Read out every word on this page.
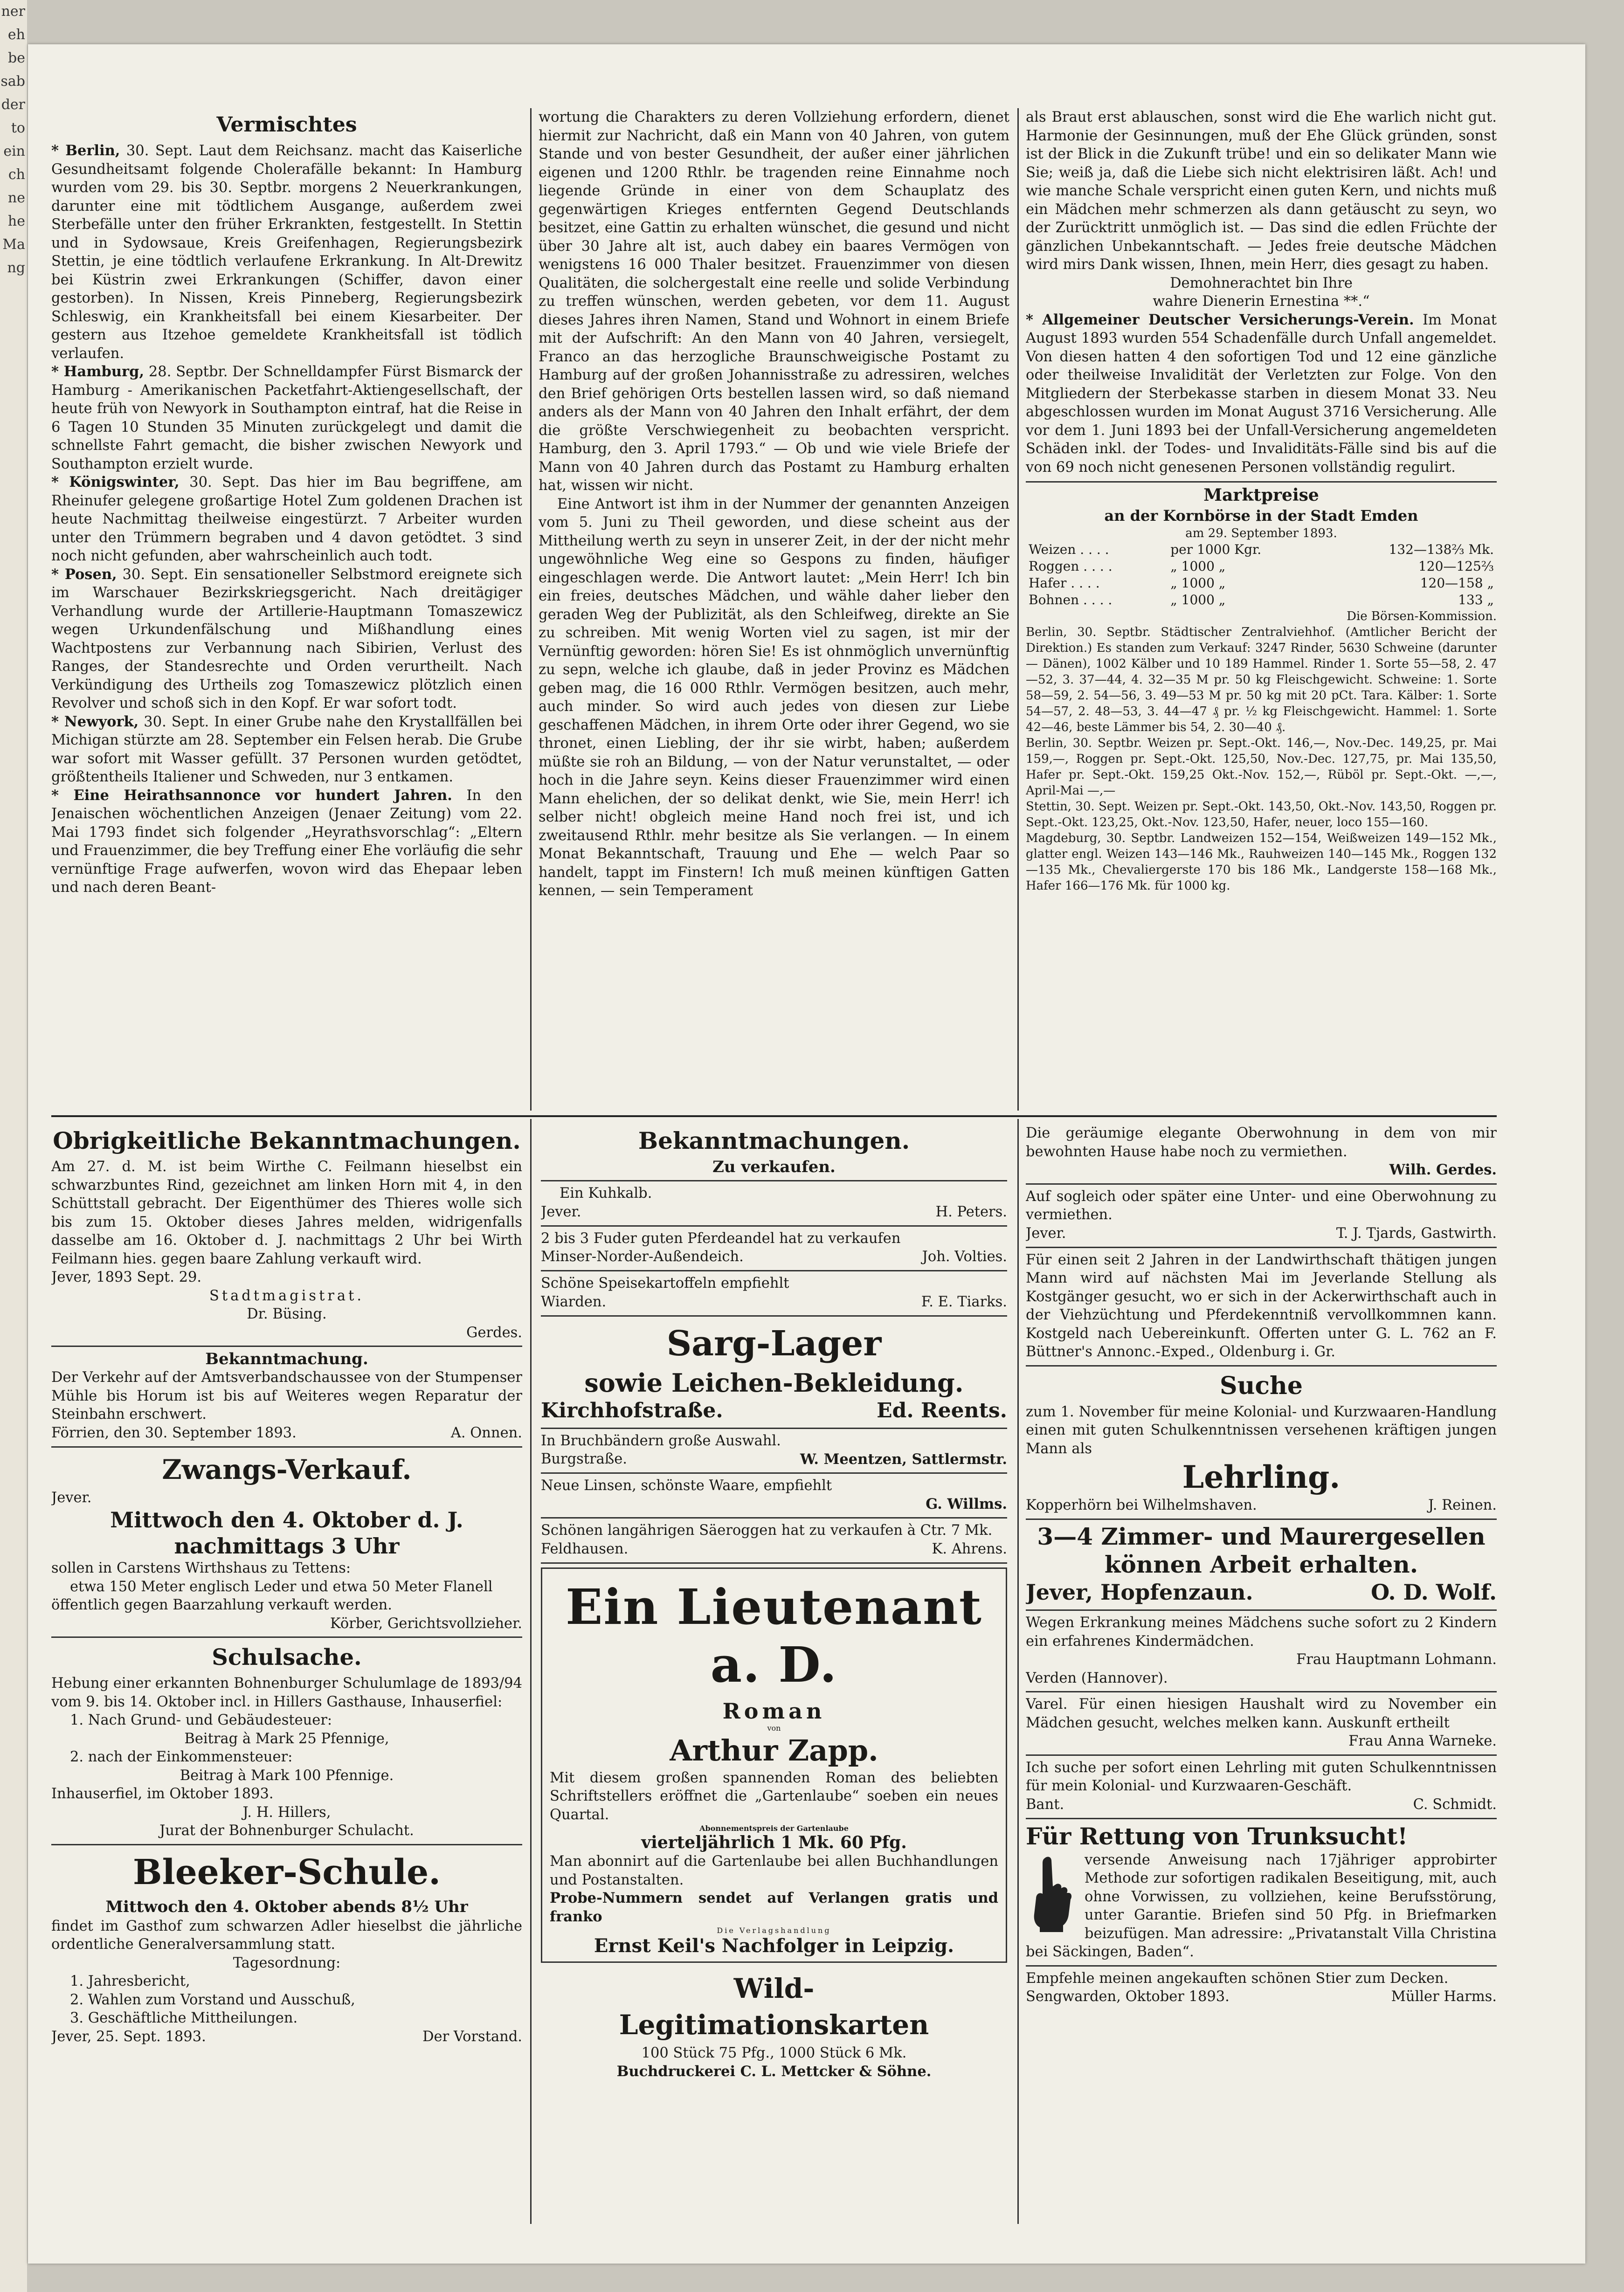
ner
eh
be
sab
der
to
ein
ch
ne
he
Ma
ng
Vermischtes

* Berlin, 30. Sept. Laut dem Reichsanz. macht das Kaiserliche Gesundheitsamt folgende Cholerafälle bekannt: In Hamburg wurden vom 29. bis 30. Septbr. morgens 2 Neuerkrankungen, darunter eine mit tödtlichem Ausgange, außerdem zwei Sterbefälle unter den früher Erkrankten, festgestellt. In Stettin und in Sydowsaue, Kreis Greifenhagen, Regierungsbezirk Stettin, je eine tödtlich verlaufene Erkrankung. In Alt-Drewitz bei Küstrin zwei Erkrankungen (Schiffer, davon einer gestorben). In Nissen, Kreis Pinneberg, Regierungsbezirk Schleswig, ein Krankheitsfall bei einem Kiesarbeiter. Der gestern aus Itzehoe gemeldete Krankheitsfall ist tödlich verlaufen.

* Hamburg, 28. Septbr. Der Schnelldampfer Fürst Bismarck der Hamburg - Amerikanischen Packetfahrt-Aktiengesellschaft, der heute früh von Newyork in Southampton eintraf, hat die Reise in 6 Tagen 10 Stunden 35 Minuten zurückgelegt und damit die schnellste Fahrt gemacht, die bisher zwischen Newyork und Southampton erzielt wurde.

* Königswinter, 30. Sept. Das hier im Bau begriffene, am Rheinufer gelegene großartige Hotel Zum goldenen Drachen ist heute Nachmittag theilweise eingestürzt. 7 Arbeiter wurden unter den Trümmern begraben und 4 davon getödtet. 3 sind noch nicht gefunden, aber wahrscheinlich auch todt.

* Posen, 30. Sept. Ein sensationeller Selbstmord ereignete sich im Warschauer Bezirkskriegsgericht. Nach dreitägiger Verhandlung wurde der Artillerie-Hauptmann Tomaszewicz wegen Urkundenfälschung und Mißhandlung eines Wachtpostens zur Verbannung nach Sibirien, Verlust des Ranges, der Standesrechte und Orden verurtheilt. Nach Verkündigung des Urtheils zog Tomaszewicz plötzlich einen Revolver und schoß sich in den Kopf. Er war sofort todt.

* Newyork, 30. Sept. In einer Grube nahe den Krystallfällen bei Michigan stürzte am 28. September ein Felsen herab. Die Grube war sofort mit Wasser gefüllt. 37 Personen wurden getödtet, größtentheils Italiener und Schweden, nur 3 entkamen.

* Eine Heirathsannonce vor hundert Jahren. In den Jenaischen wöchentlichen Anzeigen (Jenaer Zeitung) vom 22. Mai 1793 findet sich folgender „Heyrathsvorschlag“: „Eltern und Frauenzimmer, die bey Treffung einer Ehe vorläufig die sehr vernünftige Frage aufwerfen, wovon wird das Ehepaar leben und nach deren Beant-

wortung die Charakters zu deren Vollziehung erfordern, dienet hiermit zur Nachricht, daß ein Mann von 40 Jahren, von gutem Stande und von bester Gesundheit, der außer einer jährlichen eigenen und 1200 Rthlr. be tragenden reine Einnahme noch liegende Gründe in einer von dem Schauplatz des gegenwärtigen Krieges entfernten Gegend Deutschlands besitzet, eine Gattin zu erhalten wünschet, die gesund und nicht über 30 Jahre alt ist, auch dabey ein baares Vermögen von wenigstens 16 000 Thaler besitzet. Frauenzimmer von diesen Qualitäten, die solchergestalt eine reelle und solide Verbindung zu treffen wünschen, werden gebeten, vor dem 11. August dieses Jahres ihren Namen, Stand und Wohnort in einem Briefe mit der Aufschrift: An den Mann von 40 Jahren, versiegelt, Franco an das herzogliche Braunschweigische Postamt zu Hamburg auf der großen Johannisstraße zu adressiren, welches den Brief gehörigen Orts bestellen lassen wird, so daß niemand anders als der Mann von 40 Jahren den Inhalt erfährt, der dem die größte Verschwiegenheit zu beobachten verspricht. Hamburg, den 3. April 1793.“ — Ob und wie viele Briefe der Mann von 40 Jahren durch das Postamt zu Hamburg erhalten hat, wissen wir nicht.

Eine Antwort ist ihm in der Nummer der genannten Anzeigen vom 5. Juni zu Theil geworden, und diese scheint aus der Mittheilung werth zu seyn in unserer Zeit, in der der nicht mehr ungewöhnliche Weg eine so Gespons zu finden, häufiger eingeschlagen werde. Die Antwort lautet: „Mein Herr! Ich bin ein freies, deutsches Mädchen, und wähle daher lieber den geraden Weg der Publizität, als den Schleifweg, direkte an Sie zu schreiben. Mit wenig Worten viel zu sagen, ist mir der Vernünftig geworden: hören Sie! Es ist ohnmöglich unvernünftig zu sepn, welche ich glaube, daß in jeder Provinz es Mädchen geben mag, die 16 000 Rthlr. Vermögen besitzen, auch mehr, auch minder. So wird auch jedes von diesen zur Liebe geschaffenen Mädchen, in ihrem Orte oder ihrer Gegend, wo sie thronet, einen Liebling, der ihr sie wirbt, haben; außerdem müßte sie roh an Bildung, — von der Natur verunstaltet, — oder hoch in die Jahre seyn. Keins dieser Frauenzimmer wird einen Mann ehelichen, der so delikat denkt, wie Sie, mein Herr! ich selber nicht! obgleich meine Hand noch frei ist, und ich zweitausend Rthlr. mehr besitze als Sie verlangen. — In einem Monat Bekanntschaft, Trauung und Ehe — welch Paar so handelt, tappt im Finstern! Ich muß meinen künftigen Gatten kennen, — sein Temperament

als Braut erst ablauschen, sonst wird die Ehe warlich nicht gut. Harmonie der Gesinnungen, muß der Ehe Glück gründen, sonst ist der Blick in die Zukunft trübe! und ein so delikater Mann wie Sie; weiß ja, daß die Liebe sich nicht elektrisiren läßt. Ach! und wie manche Schale verspricht einen guten Kern, und nichts muß ein Mädchen mehr schmerzen als dann getäuscht zu seyn, wo der Zurücktritt unmöglich ist. — Das sind die edlen Früchte der gänzlichen Unbekanntschaft. — Jedes freie deutsche Mädchen wird mirs Dank wissen, Ihnen, mein Herr, dies gesagt zu haben.

Demohnerachtet bin Ihre

wahre Dienerin Ernestina **.“

* Allgemeiner Deutscher Versicherungs-Verein. Im Monat August 1893 wurden 554 Schadenfälle durch Unfall angemeldet. Von diesen hatten 4 den sofortigen Tod und 12 eine gänzliche oder theilweise Invalidität der Verletzten zur Folge. Von den Mitgliedern der Sterbekasse starben in diesem Monat 33. Neu abgeschlossen wurden im Monat August 3716 Versicherung. Alle vor dem 1. Juni 1893 bei der Unfall-Versicherung angemeldeten Schäden inkl. der Todes- und Invaliditäts-Fälle sind bis auf die von 69 noch nicht genesenen Personen vollständig regulirt.

Marktpreise
an der Kornbörse in der Stadt Emden
am 29. September 1893.
Weizen . . . .	per 1000 Kgr.	132—138⅔ Mk.
Roggen . . . .	„ 1000 „	120—125⅔
Hafer . . . .	„ 1000 „	120—158 „
Bohnen . . . .	„ 1000 „	133 „
Die Börsen-Kommission.

Berlin, 30. Septbr. Städtischer Zentralviehhof. (Amtlicher Bericht der Direktion.) Es standen zum Verkauf: 3247 Rinder, 5630 Schweine (darunter — Dänen), 1002 Kälber und 10 189 Hammel. Rinder 1. Sorte 55—58, 2. 47—52, 3. 37—44, 4. 32—35 M pr. 50 kg Fleischgewicht. Schweine: 1. Sorte 58—59, 2. 54—56, 3. 49—53 M pr. 50 kg mit 20 pCt. Tara. Kälber: 1. Sorte 54—57, 2. 48—53, 3. 44—47 ₰ pr. ½ kg Fleischgewicht. Hammel: 1. Sorte 42—46, beste Lämmer bis 54, 2. 30—40 ₰.

Berlin, 30. Septbr. Weizen pr. Sept.-Okt. 146,—, Nov.-Dec. 149,25, pr. Mai 159,—, Roggen pr. Sept.-Okt. 125,50, Nov.-Dec. 127,75, pr. Mai 135,50, Hafer pr. Sept.-Okt. 159,25 Okt.-Nov. 152,—, Rüböl pr. Sept.-Okt. —,—, April-Mai —,—

Stettin, 30. Sept. Weizen pr. Sept.-Okt. 143,50, Okt.-Nov. 143,50, Roggen pr. Sept.-Okt. 123,25, Okt.-Nov. 123,50, Hafer, neuer, loco 155—160.

Magdeburg, 30. Septbr. Landweizen 152—154, Weißweizen 149—152 Mk., glatter engl. Weizen 143—146 Mk., Rauhweizen 140—145 Mk., Roggen 132—135 Mk., Chevaliergerste 170 bis 186 Mk., Landgerste 158—168 Mk., Hafer 166—176 Mk. für 1000 kg.

Obrigkeitliche Bekanntmachungen.

Am 27. d. M. ist beim Wirthe C. Feilmann hieselbst ein schwarzbuntes Rind, gezeichnet am linken Horn mit 4, in den Schüttstall gebracht. Der Eigenthümer des Thieres wolle sich bis zum 15. Oktober dieses Jahres melden, widrigenfalls dasselbe am 16. Oktober d. J. nachmittags 2 Uhr bei Wirth Feilmann hies. gegen baare Zahlung verkauft wird.

Jever, 1893 Sept. 29.

Stadtmagistrat.

Dr. Büsing.

Gerdes.

Bekanntmachung.

Der Verkehr auf der Amtsverbandschaussee von der Stumpenser Mühle bis Horum ist bis auf Weiteres wegen Reparatur der Steinbahn erschwert.

Förrien, den 30. September 1893.	A. Onnen.
Zwangs-Verkauf.

Jever.

Mittwoch den 4. Oktober d. J.
nachmittags 3 Uhr

sollen in Carstens Wirthshaus zu Tettens:

etwa 150 Meter englisch Leder und etwa 50 Meter Flanell

öffentlich gegen Baarzahlung verkauft werden.

Körber, Gerichtsvollzieher.

Schulsache.

Hebung einer erkannten Bohnenburger Schulumlage de 1893/94 vom 9. bis 14. Oktober incl. in Hillers Gasthause, Inhauserfiel:

1. Nach Grund- und Gebäudesteuer:

Beitrag à Mark 25 Pfennige,

2. nach der Einkommensteuer:

Beitrag à Mark 100 Pfennige.

Inhauserfiel, im Oktober 1893.

J. H. Hillers,

Jurat der Bohnenburger Schulacht.

Bleeker-Schule.
Mittwoch den 4. Oktober abends 8½ Uhr

findet im Gasthof zum schwarzen Adler hieselbst die jährliche ordentliche Generalversammlung statt.

Tagesordnung:

1. Jahresbericht,

2. Wahlen zum Vorstand und Ausschuß,

3. Geschäftliche Mittheilungen.

Jever, 25. Sept. 1893.	Der Vorstand.
Bekanntmachungen.
Zu verkaufen.

Ein Kuhkalb.

Jever.	H. Peters.

2 bis 3 Fuder guten Pferdeandel hat zu verkaufen

Minser-Norder-Außendeich.	Joh. Volties.

Schöne Speisekartoffeln empfiehlt

Wiarden.	F. E. Tiarks.
Sarg-Lager
sowie Leichen-Bekleidung.
Kirchhofstraße.	Ed. Reents.

In Bruchbändern große Auswahl.

Burgstraße.	W. Meentzen, Sattlermstr.

Neue Linsen, schönste Waare, empfiehlt

G. Willms.

Schönen langährigen Säeroggen hat zu verkaufen à Ctr. 7 Mk.

Feldhausen.	K. Ahrens.
Ein Lieutenant a. D.
Roman
von
Arthur Zapp.

Mit diesem großen spannenden Roman des beliebten Schriftstellers eröffnet die „Gartenlaube“ soeben ein neues Quartal.

Abonnementspreis der Gartenlaube
vierteljährlich 1 Mk. 60 Pfg.

Man abonnirt auf die Gartenlaube bei allen Buchhandlungen und Postanstalten.

Probe-Nummern sendet auf Verlangen gratis und franko

Die Verlagshandlung
Ernst Keil's Nachfolger in Leipzig.
Wild-
Legitimationskarten

100 Stück 75 Pfg., 1000 Stück 6 Mk.

Buchdruckerei C. L. Mettcker & Söhne.

Die geräumige elegante Oberwohnung in dem von mir bewohnten Hause habe noch zu vermiethen.

Wilh. Gerdes.

Auf sogleich oder später eine Unter- und eine Oberwohnung zu vermiethen.

Jever.	T. J. Tjards, Gastwirth.

Für einen seit 2 Jahren in der Landwirthschaft thätigen jungen Mann wird auf nächsten Mai im Jeverlande Stellung als Kostgänger gesucht, wo er sich in der Ackerwirthschaft auch in der Viehzüchtung und Pferdekenntniß vervollkommnen kann. Kostgeld nach Uebereinkunft. Offerten unter G. L. 762 an F. Büttner's Annonc.-Exped., Oldenburg i. Gr.

Suche

zum 1. November für meine Kolonial- und Kurzwaaren-Handlung einen mit guten Schulkenntnissen versehenen kräftigen jungen Mann als

Lehrling.
Kopperhörn bei Wilhelmshaven.	J. Reinen.
3—4 Zimmer- und Maurergesellen
können Arbeit erhalten.
Jever, Hopfenzaun.	O. D. Wolf.

Wegen Erkrankung meines Mädchens suche sofort zu 2 Kindern ein erfahrenes Kindermädchen.

Frau Hauptmann Lohmann.

Verden (Hannover).

Varel. Für einen hiesigen Haushalt wird zu November ein Mädchen gesucht, welches melken kann. Auskunft ertheilt

Frau Anna Warneke.

Ich suche per sofort einen Lehrling mit guten Schulkenntnissen für mein Kolonial- und Kurzwaaren-Geschäft.

Bant.	C. Schmidt.
Für Rettung von Trunksucht!

versende Anweisung nach 17jähriger approbirter Methode zur sofortigen radikalen Beseitigung, mit, auch ohne Vorwissen, zu vollziehen, keine Berufsstörung, unter Garantie. Briefen sind 50 Pfg. in Briefmarken beizufügen. Man adressire: „Privatanstalt Villa Christina bei Säckingen, Baden“.

Empfehle meinen angekauften schönen Stier zum Decken.

Sengwarden, Oktober 1893.	Müller Harms.
